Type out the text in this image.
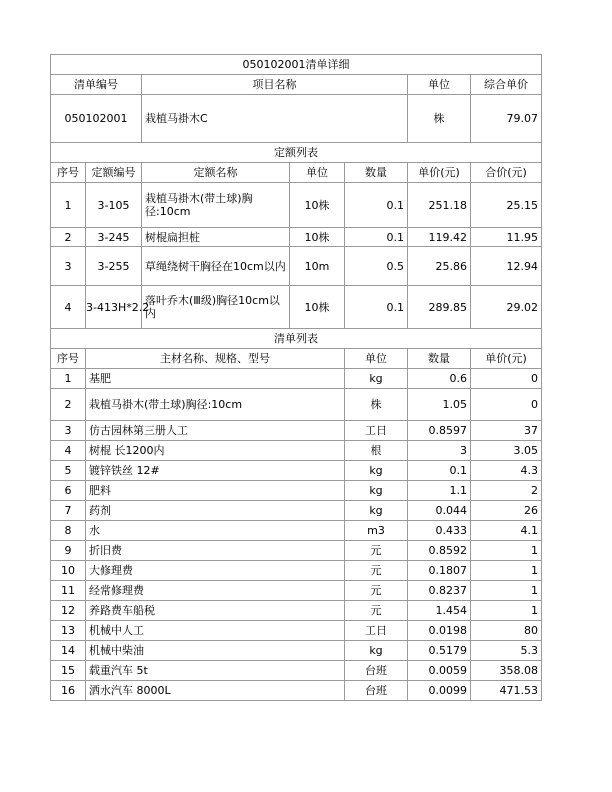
050102001清单详细							
清单编号		项目名称			单位	综合单价	
050102001		栽植马褂木C			株	79.07	
定额列表							
序号	定额编号	定额名称	单位	数量	单价(元)	合价(元)	
1	3-105	栽植马褂木(带土球)胸径:10cm	10株	0.1	251.18	25.15	
2	3-245	树棍扁担桩	10株	0.1	119.42	11.95	
3	3-255	草绳绕树干胸径在10cm以内	10m	0.5	25.86	12.94	
4	3-413H*2.2	落叶乔木(Ⅲ级)胸径10cm以内	10株	0.1	289.85	29.02	
清单列表							
序号	主材名称、规格、型号			单位	数量	单价(元)	
1	基肥			kg	0.6	0	
2	栽植马褂木(带土球)胸径:10cm			株	1.05	0	
3	仿古园林第三册人工			工日	0.8597	37	
4	树棍 长1200内			根	3	3.05	
5	镀锌铁丝 12#			kg	0.1	4.3	
6	肥料			kg	1.1	2	
7	药剂			kg	0.044	26	
8	水			m3	0.433	4.1	
9	折旧费			元	0.8592	1	
10	大修理费			元	0.1807	1	
11	经常修理费			元	0.8237	1	
12	养路费车船税			元	1.454	1	
13	机械中人工			工日	0.0198	80	
14	机械中柴油			kg	0.5179	5.3	
15	载重汽车 5t			台班	0.0059	358.08	
16	洒水汽车 8000L			台班	0.0099	471.53	
